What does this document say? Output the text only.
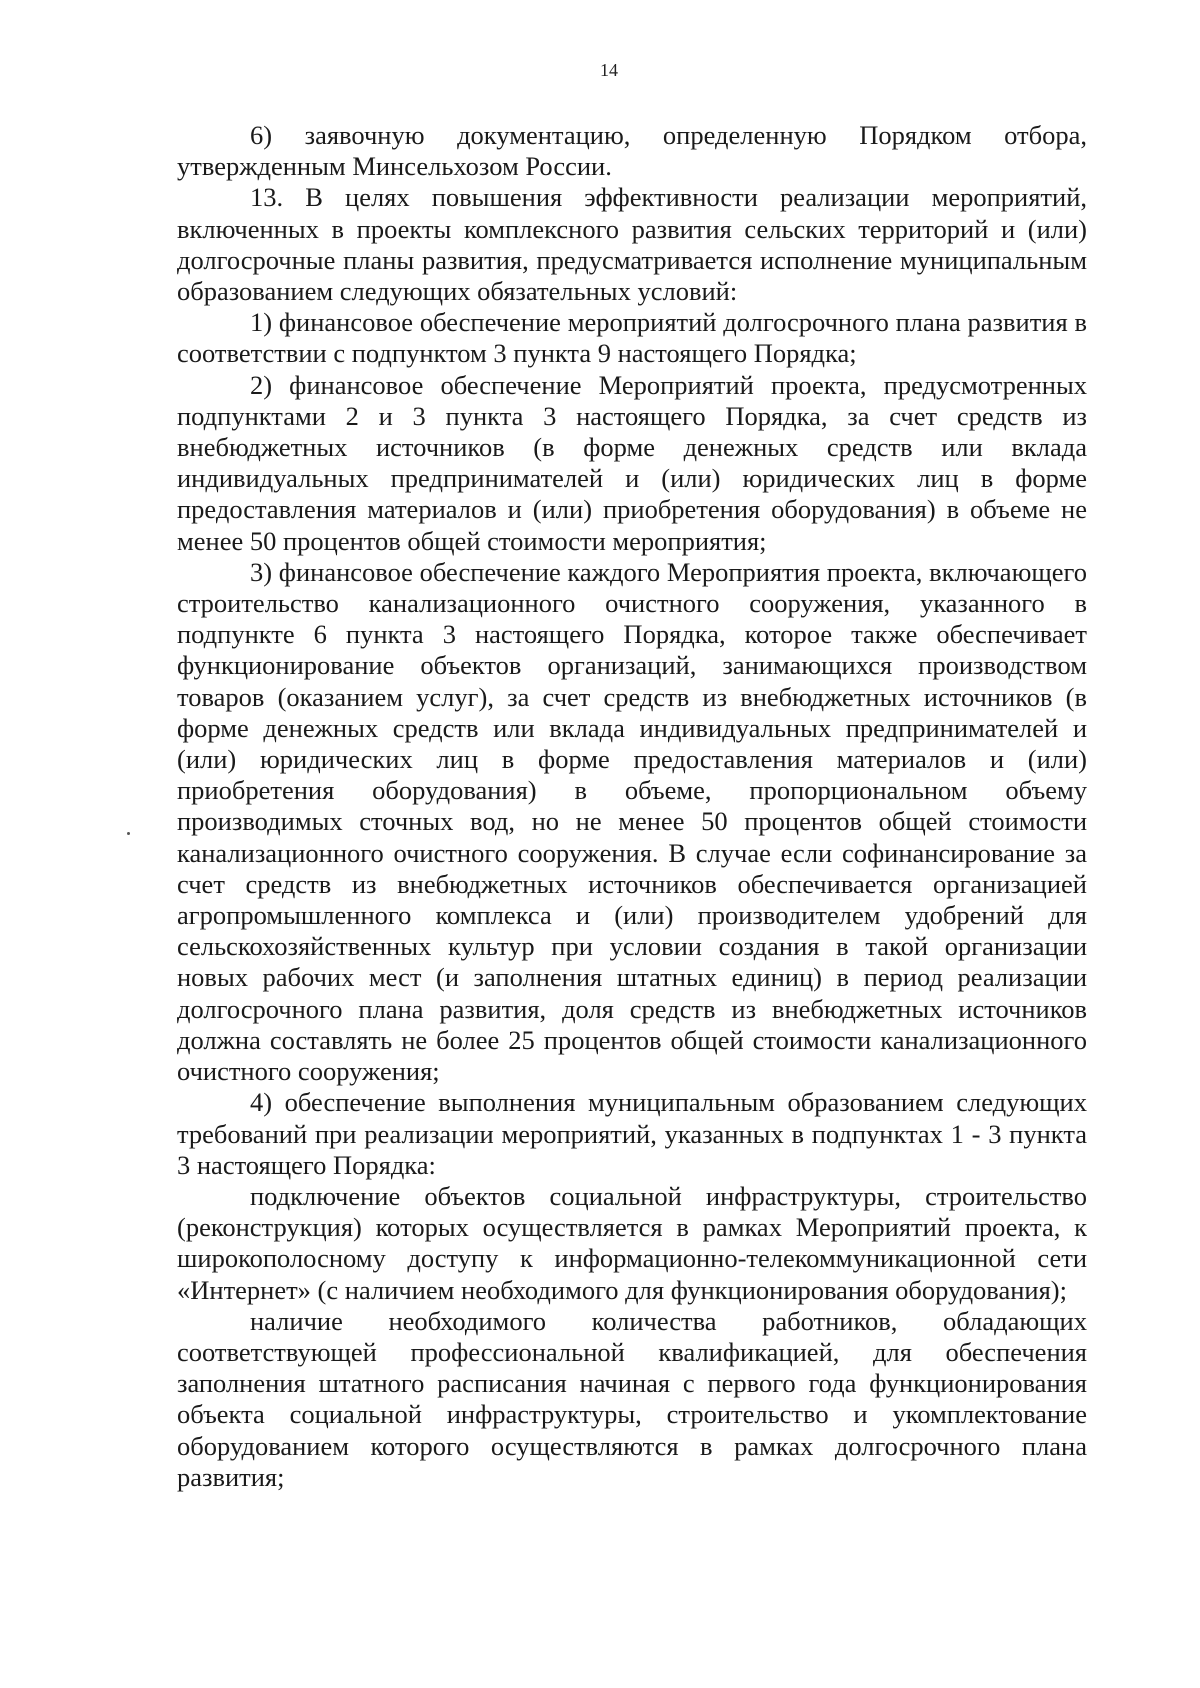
14

6) заявочную документацию, определенную Порядком отбора, утвержденным Минсельхозом России.

13. В целях повышения эффективности реализации мероприятий, включенных в проекты комплексного развития сельских территорий и (или) долгосрочные планы развития, предусматривается исполнение муниципальным образованием следующих обязательных условий:

1) финансовое обеспечение мероприятий долгосрочного плана развития в соответствии с подпунктом 3 пункта 9 настоящего Порядка;

2) финансовое обеспечение Мероприятий проекта, предусмотренных подпунктами 2 и 3 пункта 3 настоящего Порядка, за счет средств из внебюджетных источников (в форме денежных средств или вклада индивидуальных предпринимателей и (или) юридических лиц в форме предоставления материалов и (или) приобретения оборудования) в объеме не менее 50 процентов общей стоимости мероприятия;

3) финансовое обеспечение каждого Мероприятия проекта, включающего строительство канализационного очистного сооружения, указанного в подпункте 6 пункта 3 настоящего Порядка, которое также обеспечивает функционирование объектов организаций, занимающихся производством товаров (оказанием услуг), за счет средств из внебюджетных источников (в форме денежных средств или вклада индивидуальных предпринимателей и (или) юридических лиц в форме предоставления материалов и (или) приобретения оборудования) в объеме, пропорциональном объему производимых сточных вод, но не менее 50 процентов общей стоимости канализационного очистного сооружения. В случае если софинансирование за счет средств из внебюджетных источников обеспечивается организацией агропромышленного комплекса и (или) производителем удобрений для сельскохозяйственных культур при условии создания в такой организации новых рабочих мест (и заполнения штатных единиц) в период реализации долгосрочного плана развития, доля средств из внебюджетных источников должна составлять не более 25 процентов общей стоимости канализационного очистного сооружения;

4) обеспечение выполнения муниципальным образованием следующих требований при реализации мероприятий, указанных в подпунктах 1 - 3 пункта 3 настоящего Порядка:

подключение объектов социальной инфраструктуры, строительство (реконструкция) которых осуществляется в рамках Мероприятий проекта, к широкополосному доступу к информационно-телекоммуникационной сети «Интернет» (с наличием необходимого для функционирования оборудования);

наличие необходимого количества работников, обладающих соответствующей профессиональной квалификацией, для обеспечения заполнения штатного расписания начиная с первого года функционирования объекта социальной инфраструктуры, строительство и укомплектование оборудованием которого осуществляются в рамках долгосрочного плана развития;
